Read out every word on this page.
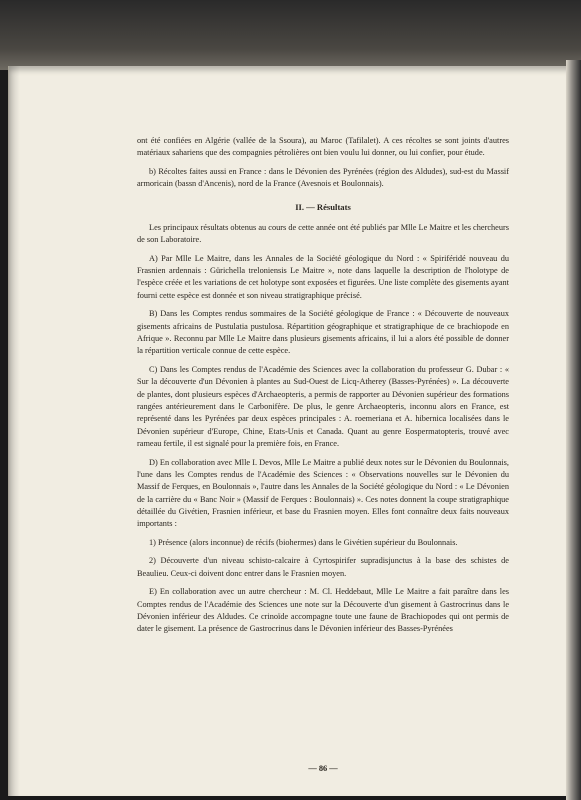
ont été confiées en Algérie (vallée de la Ssoura), au Maroc (Tafilalet). A ces récoltes se sont joints d'autres matériaux sahariens que des compagnies pétrolières ont bien voulu lui donner, ou lui confier, pour étude.

b) Récoltes faites aussi en France : dans le Dévonien des Pyrénées (région des Aldudes), sud-est du Massif armoricain (bassn d'Ancenis), nord de la France (Avesnois et Boulonnais).

II. — Résultats

Les principaux résultats obtenus au cours de cette année ont été publiés par Mlle Le Maitre et les chercheurs de son Laboratoire.

A) Par Mlle Le Maitre, dans les Annales de la Société géologique du Nord : « Spiriféridé nouveau du Frasnien ardennais : Gürichella treloniensis Le Maitre », note dans laquelle la description de l'holotype de l'espèce créée et les variations de cet holotype sont exposées et figurées. Une liste complète des gisements ayant fourni cette espèce est donnée et son niveau stratigraphique précisé.

B) Dans les Comptes rendus sommaires de la Société géologique de France : « Découverte de nouveaux gisements africains de Pustulatia pustulosa. Répartition géographique et stratigraphique de ce brachiopode en Afrique ». Reconnu par Mlle Le Maitre dans plusieurs gisements africains, il lui a alors été possible de donner la répartition verticale connue de cette espèce.

C) Dans les Comptes rendus de l'Académie des Sciences avec la collaboration du professeur G. Dubar : « Sur la découverte d'un Dévonien à plantes au Sud-Ouest de Licq-Atherey (Basses-Pyrénées) ». La découverte de plantes, dont plusieurs espèces d'Archaeopteris, a permis de rapporter au Dévonien supérieur des formations rangées antérieurement dans le Carbonifère. De plus, le genre Archaeopteris, inconnu alors en France, est représenté dans les Pyrénées par deux espèces principales : A. roemeriana et A. hibernica localisées dans le Dévonien supérieur d'Europe, Chine, Etats-Unis et Canada. Quant au genre Eospermatopteris, trouvé avec rameau fertile, il est signalé pour la première fois, en France.

D) En collaboration avec Mlle I. Devos, Mlle Le Maitre a publié deux notes sur le Dévonien du Boulonnais, l'une dans les Comptes rendus de l'Académie des Sciences : « Observations nouvelles sur le Dévonien du Massif de Ferques, en Boulonnais », l'autre dans les Annales de la Société géologique du Nord : « Le Dévonien de la carrière du « Banc Noir » (Massif de Ferques : Boulonnais) ». Ces notes donnent la coupe stratigraphique détaillée du Givétien, Frasnien inférieur, et base du Frasnien moyen. Elles font connaître deux faits nouveaux importants :

1) Présence (alors inconnue) de récifs (biohermes) dans le Givétien supérieur du Boulonnais.

2) Découverte d'un niveau schisto-calcaire à Cyrtospirifer supradisjunctus à la base des schistes de Beaulieu. Ceux-ci doivent donc entrer dans le Frasnien moyen.

E) En collaboration avec un autre chercheur : M. Cl. Heddebaut, Mlle Le Maitre a fait paraître dans les Comptes rendus de l'Académie des Sciences une note sur la Découverte d'un gisement à Gastrocrinus dans le Dévonien inférieur des Aldudes. Ce crinoïde accompagne toute une faune de Brachiopodes qui ont permis de dater le gisement. La présence de Gastrocrinus dans le Dévonien inférieur des Basses-Pyrénées

— 86 —
